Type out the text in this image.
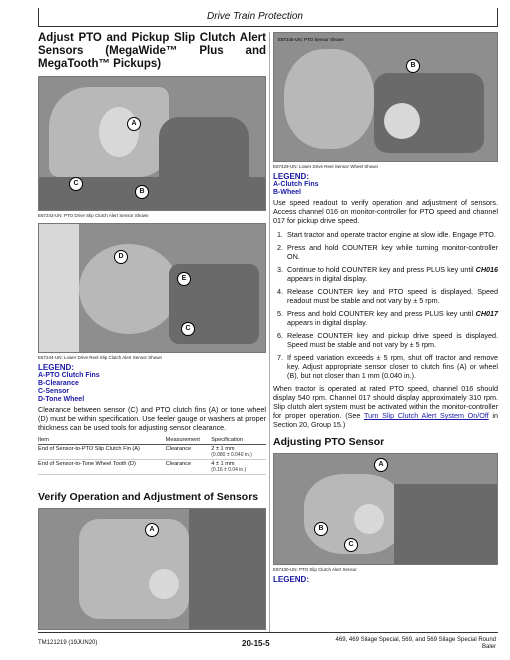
Drive Train Protection
Adjust PTO and Pickup Slip Clutch Alert Sensors (MegaWide™ Plus and MegaTooth™ Pickups)
A
C
B
E87243-UN: PTO Drive Slip Clutch Alert Sensor Shown
D
E
C
E87244-UN: Lower Drive Reel Slip Clutch Alert Sensor Shown
LEGEND:
A-PTO Clutch Fins
B-Clearance
C-Sensor
D-Tone Wheel
Clearance between sensor (C) and PTO clutch fins (A) or tone wheel (D) must be within specification. Use feeler gauge or washers at proper thickness can be used tools for adjusting sensor clearance.
Item	Measurement	Specification
End of Sensor-to-PTO Slip Clutch Fin (A)	Clearance	2 ± 1 mm
(0.080 ± 0.040 in.)

End of Sensor-to-Tone Wheel Tooth (D)	Clearance	4 ± 1 mm
(0.16 ± 0.04 in.)
Verify Operation and Adjustment of Sensors
A
E87245-UN: PTO Sensor Shown
B
E87429-UN: Lower Drive Reel Sensor Wheel Shown
LEGEND:
A-Clutch Fins
B-Wheel
Use speed readout to verify operation and adjustment of sensors. Access channel 016 on monitor-controller for PTO speed and channel 017 for pickup drive speed.
1. Start tractor and operate tractor engine at slow idle. Engage PTO.
2. Press and hold COUNTER key while turning monitor-controller ON.
3. Continue to hold COUNTER key and press PLUS key until CH016 appears in digital display.
4. Release COUNTER key and PTO speed is displayed. Speed readout must be stable and not vary by ± 5 rpm.
5. Press and hold COUNTER key and press PLUS key until CH017 appears in digital display.
6. Release COUNTER key and pickup drive speed is displayed. Speed must be stable and not vary by ± 5 rpm.
7. If speed variation exceeds ± 5 rpm, shut off tractor and remove key. Adjust appropriate sensor closer to clutch fins (A) or wheel (B), but not closer than 1 mm (0.040 in.).
When tractor is operated at rated PTO speed, channel 016 should display 540 rpm. Channel 017 should display approximately 310 rpm. Slip clutch alert system must be activated within the monitor-controller for proper operation. (See Turn Slip Clutch Alert System On/Off in Section 20, Group 15.)
Adjusting PTO Sensor
A
B
C
E87430-UN: PTO Slip Clutch Alert Sensor
LEGEND:
TM121219 (19JUN20)	20-15-5	469, 469 Silage Special, 569, and 569 Silage Special Round
Baler
